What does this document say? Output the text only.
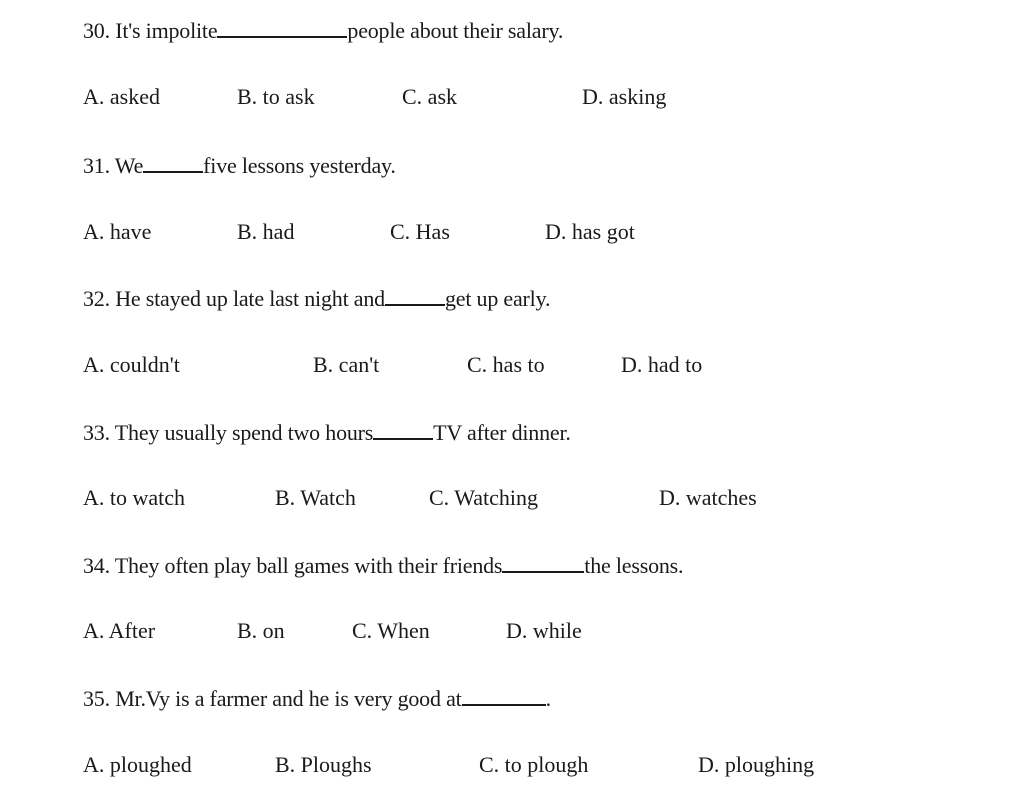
30. It's impolite	people about their salary.
A. asked	B. to ask	C. ask	D. asking
31. We	five lessons yesterday.
A. have	B. had	C. Has	D. has got
32. He stayed up late last night and	get up early.
A. couldn't	B. can't	C. has to	D. had to
33. They usually spend two hours	TV after dinner.
A. to watch	B. Watch	C. Watching	D. watches
34. They often play ball games with their friends	the lessons.
A. After	B. on	C. When	D. while
35. Mr.Vy is a farmer and he is very good at	.
A. ploughed	B. Ploughs	C. to plough	D. ploughing
